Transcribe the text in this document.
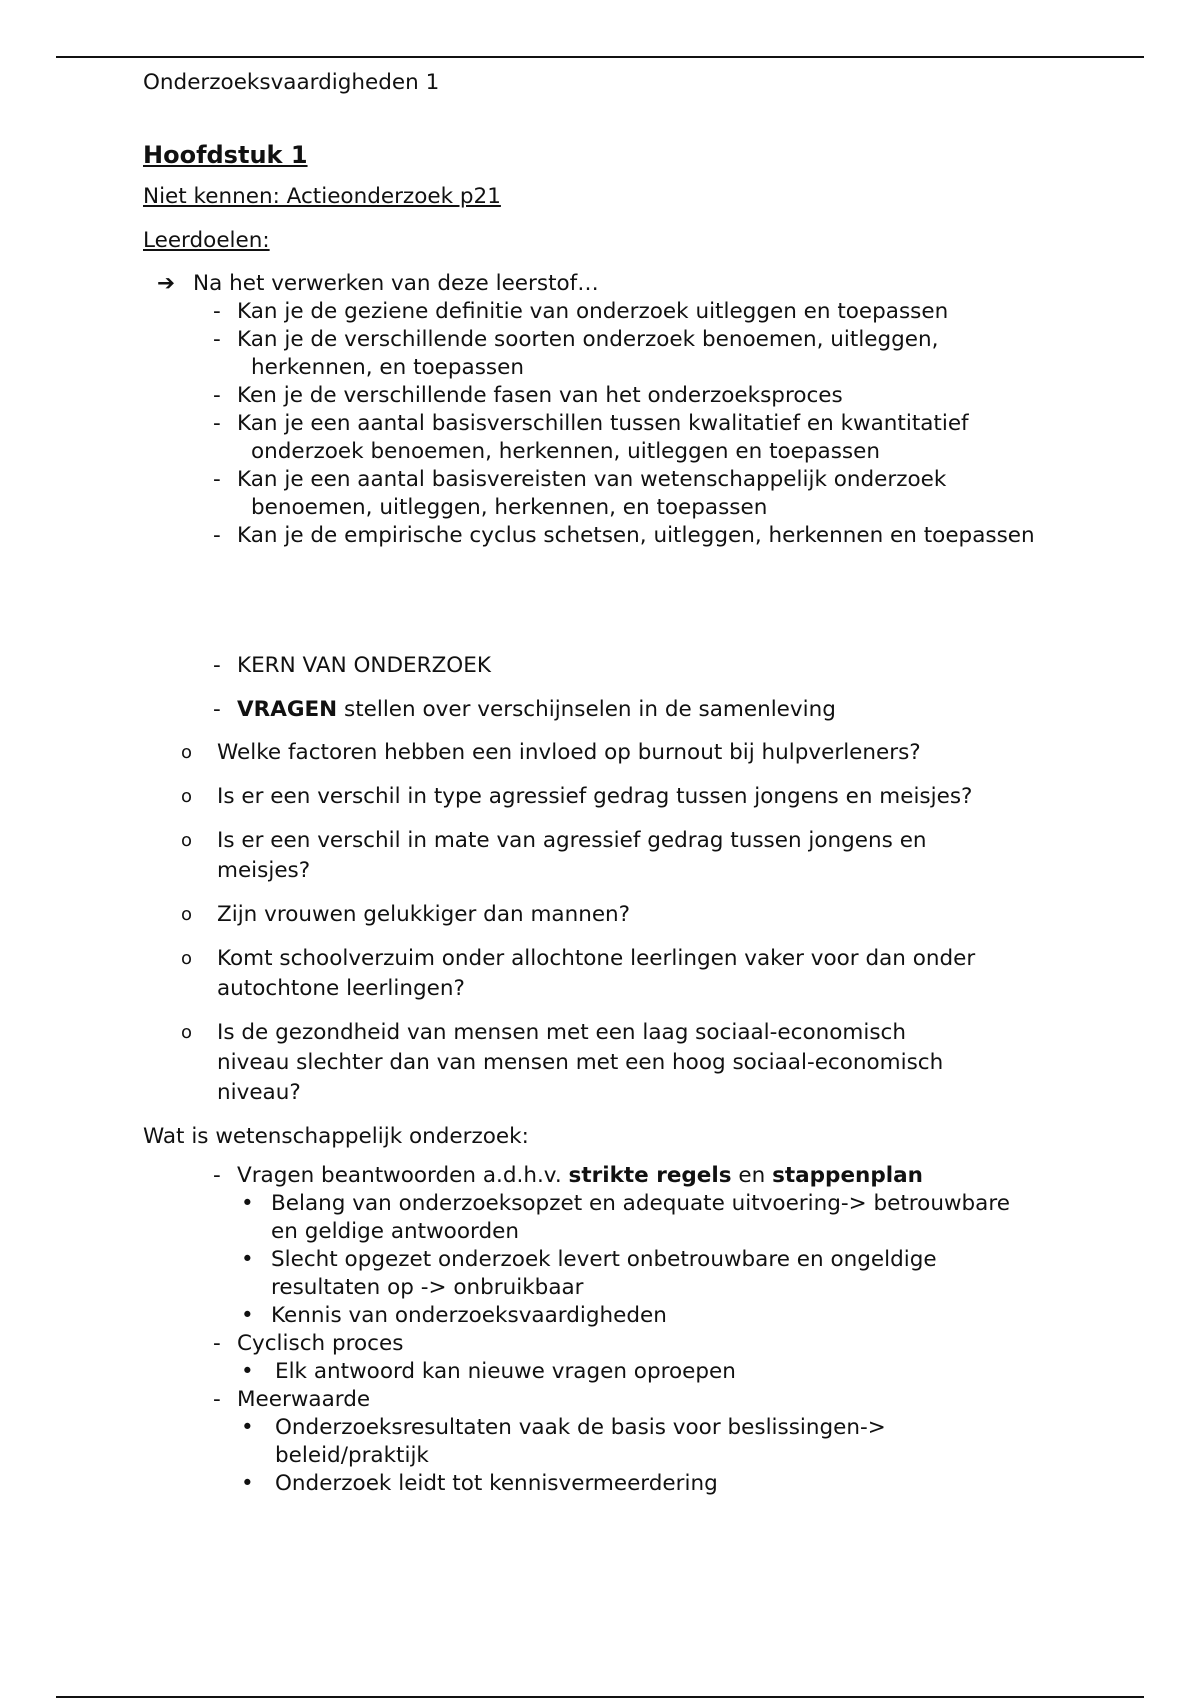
Onderzoeksvaardigheden 1

Hoofdstuk 1

Niet kennen: Actieonderzoek p21

Leerdoelen:

➔ Na het verwerken van deze leerstof…
- Kan je de geziene definitie van onderzoek uitleggen en toepassen
- Kan je de verschillende soorten onderzoek benoemen, uitleggen, herkennen, en toepassen
- Ken je de verschillende fasen van het onderzoeksproces
- Kan je een aantal basisverschillen tussen kwalitatief en kwantitatief onderzoek benoemen, herkennen, uitleggen en toepassen
- Kan je een aantal basisvereisten van wetenschappelijk onderzoek benoemen, uitleggen, herkennen, en toepassen
- Kan je de empirische cyclus schetsen, uitleggen, herkennen en toepassen
- KERN VAN ONDERZOEK
- VRAGEN stellen over verschijnselen in de samenleving
o Welke factoren hebben een invloed op burnout bij hulpverleners?
o Is er een verschil in type agressief gedrag tussen jongens en meisjes?
o Is er een verschil in mate van agressief gedrag tussen jongens en meisjes?
o Zijn vrouwen gelukkiger dan mannen?
o Komt schoolverzuim onder allochtone leerlingen vaker voor dan onder autochtone leerlingen?
o Is de gezondheid van mensen met een laag sociaal-economisch niveau slechter dan van mensen met een hoog sociaal-economisch niveau?

Wat is wetenschappelijk onderzoek:

- Vragen beantwoorden a.d.h.v. strikte regels en stappenplan
• Belang van onderzoeksopzet en adequate uitvoering-> betrouwbare en geldige antwoorden
• Slecht opgezet onderzoek levert onbetrouwbare en ongeldige resultaten op -> onbruikbaar
• Kennis van onderzoeksvaardigheden
- Cyclisch proces
• Elk antwoord kan nieuwe vragen oproepen
- Meerwaarde
• Onderzoeksresultaten vaak de basis voor beslissingen-> beleid/praktijk
• Onderzoek leidt tot kennisvermeerdering
